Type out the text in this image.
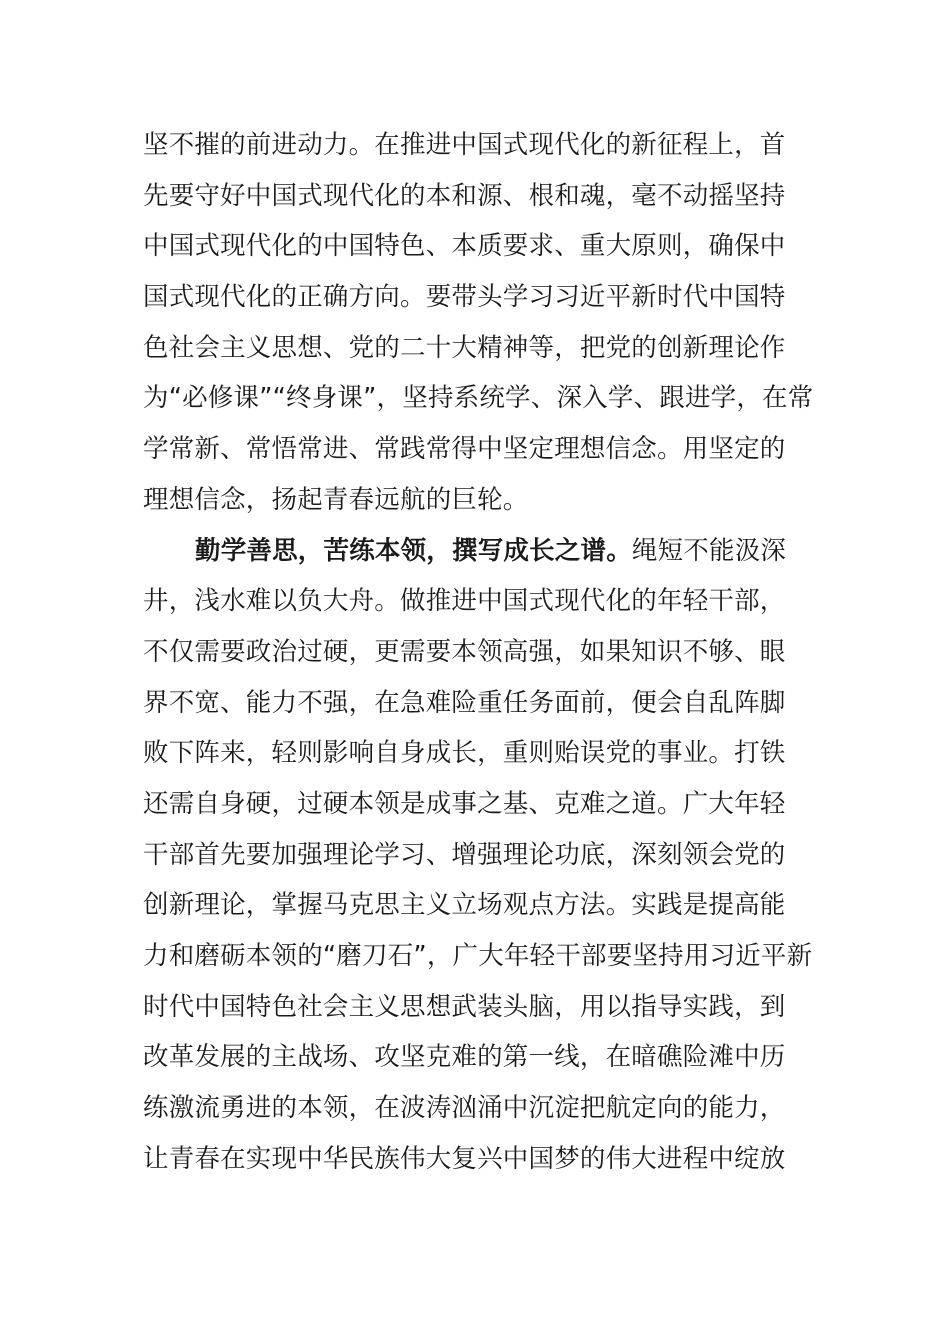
坚不摧的前进动力。在推进中国式现代化的新征程上，首
先要守好中国式现代化的本和源、根和魂，毫不动摇坚持
中国式现代化的中国特色、本质要求、重大原则，确保中
国式现代化的正确方向。要带头学习习近平新时代中国特
色社会主义思想、党的二十大精神等，把党的创新理论作
为“必修课”“终身课”，坚持系统学、深入学、跟进学，在常
学常新、常悟常进、常践常得中坚定理想信念。用坚定的
理想信念，扬起青春远航的巨轮。
勤学善思，苦练本领，撰写成长之谱。绳短不能汲深
井，浅水难以负大舟。做推进中国式现代化的年轻干部，
不仅需要政治过硬，更需要本领高强，如果知识不够、眼
界不宽、能力不强，在急难险重任务面前，便会自乱阵脚
败下阵来，轻则影响自身成长，重则贻误党的事业。打铁
还需自身硬，过硬本领是成事之基、克难之道。广大年轻
干部首先要加强理论学习、增强理论功底，深刻领会党的
创新理论，掌握马克思主义立场观点方法。实践是提高能
力和磨砺本领的“磨刀石”，广大年轻干部要坚持用习近平新
时代中国特色社会主义思想武装头脑，用以指导实践，到
改革发展的主战场、攻坚克难的第一线，在暗礁险滩中历
练激流勇进的本领，在波涛汹涌中沉淀把航定向的能力，
让青春在实现中华民族伟大复兴中国梦的伟大进程中绽放
